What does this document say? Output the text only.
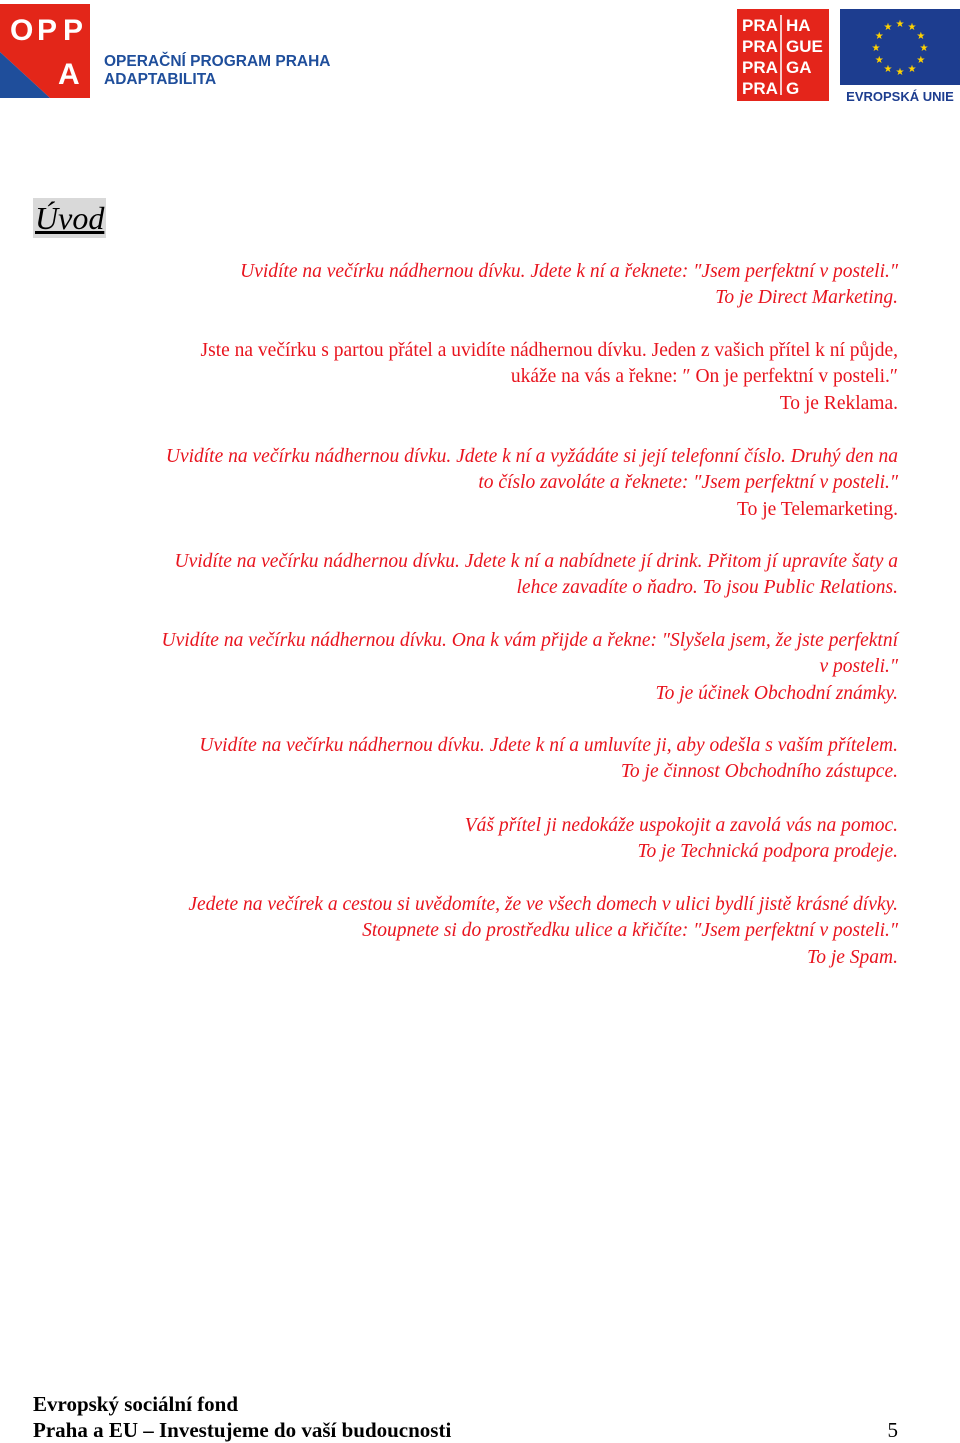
O P P
A OPERAČNÍ PROGRAM PRAHA
ADAPTABILITA
PRA HA
PRA GUE
PRA GA
PRA G
★ ★
★
★
★
★
★
★
★
★
★
★
EVROPSKÁ UNIE
Úvod

Uvidíte na večírku nádhernou dívku. Jdete k ní a řeknete: ″Jsem perfektní v posteli.″
To je Direct Marketing.

Jste na večírku s partou přátel a uvidíte nádhernou dívku. Jeden z vašich přítel k ní půjde,
ukáže na vás a řekne: ″ On je perfektní v posteli.″
To je Reklama.

Uvidíte na večírku nádhernou dívku. Jdete k ní a vyžádáte si její telefonní číslo. Druhý den na
to číslo zavoláte a řeknete: ″Jsem perfektní v posteli.″
To je Telemarketing.

Uvidíte na večírku nádhernou dívku. Jdete k ní a nabídnete jí drink. Přitom jí upravíte šaty a
lehce zavadíte o ňadro. To jsou Public Relations.

Uvidíte na večírku nádhernou dívku. Ona k vám přijde a řekne: ″Slyšela jsem, že jste perfektní
v posteli.″
To je účinek Obchodní známky.

Uvidíte na večírku nádhernou dívku. Jdete k ní a umluvíte ji, aby odešla s vaším přítelem.
To je činnost Obchodního zástupce.

Váš přítel ji nedokáže uspokojit a zavolá vás na pomoc.
To je Technická podpora prodeje.

Jedete na večírek a cestou si uvědomíte, že ve všech domech v ulici bydlí jistě krásné dívky.
Stoupnete si do prostředku ulice a křičíte: ″Jsem perfektní v posteli.″
To je Spam.

Evropský sociální fond

Praha a EU – Investujeme do vaší budoucnosti	5
